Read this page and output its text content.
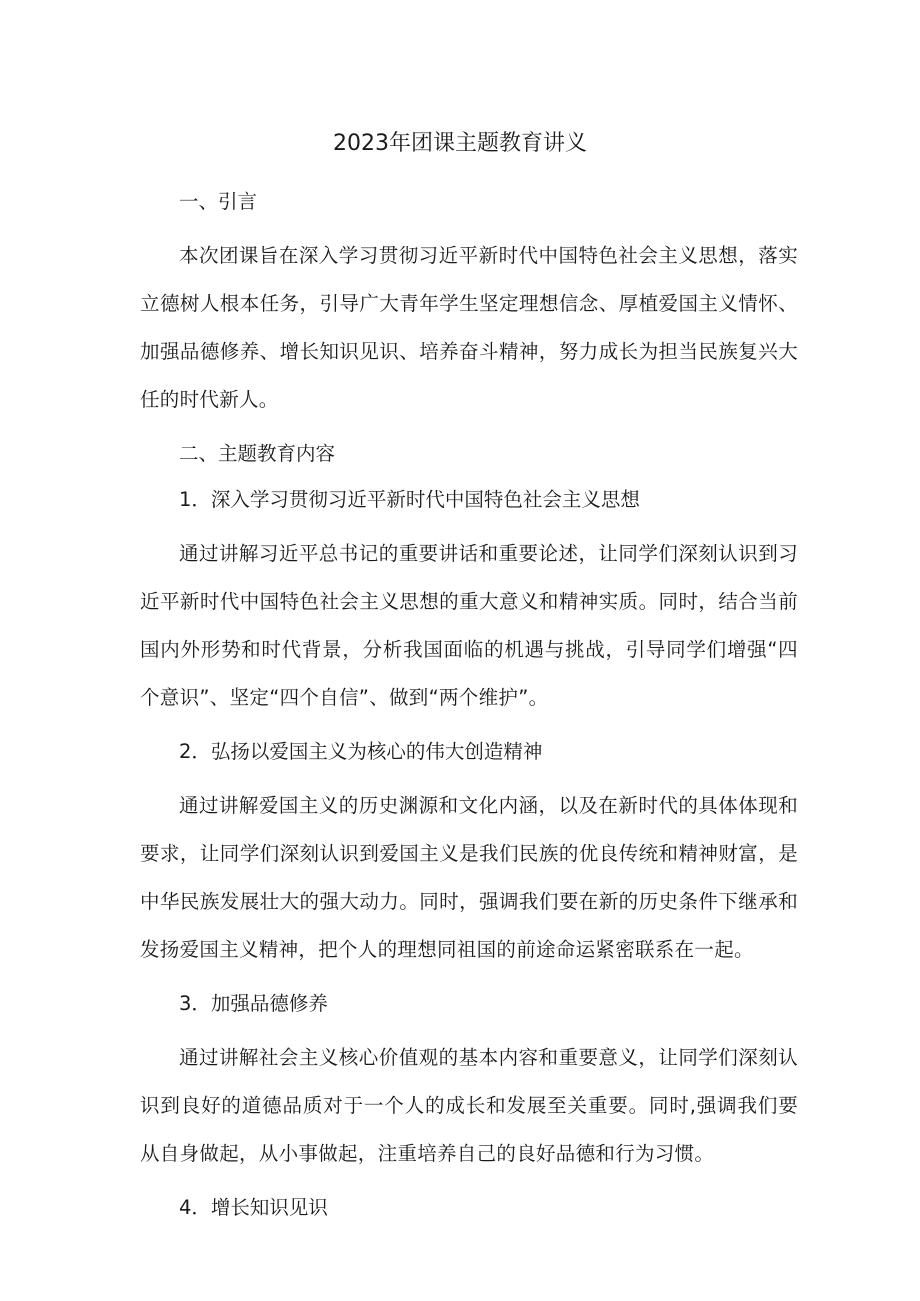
2023年团课主题教育讲义

一、引言

本次团课旨在深入学习贯彻习近平新时代中国特色社会主义思想，落实立德树人根本任务，引导广大青年学生坚定理想信念、厚植爱国主义情怀、加强品德修养、增长知识见识、培养奋斗精神，努力成长为担当民族复兴大任的时代新人。

二、主题教育内容

1．深入学习贯彻习近平新时代中国特色社会主义思想

通过讲解习近平总书记的重要讲话和重要论述，让同学们深刻认识到习近平新时代中国特色社会主义思想的重大意义和精神实质。同时，结合当前国内外形势和时代背景，分析我国面临的机遇与挑战，引导同学们增强“四个意识”、坚定“四个自信”、做到“两个维护”。

2．弘扬以爱国主义为核心的伟大创造精神

通过讲解爱国主义的历史渊源和文化内涵，以及在新时代的具体体现和要求，让同学们深刻认识到爱国主义是我们民族的优良传统和精神财富，是中华民族发展壮大的强大动力。同时，强调我们要在新的历史条件下继承和发扬爱国主义精神，把个人的理想同祖国的前途命运紧密联系在一起。

3．加强品德修养

通过讲解社会主义核心价值观的基本内容和重要意义，让同学们深刻认识到良好的道德品质对于一个人的成长和发展至关重要。同时,强调我们要从自身做起，从小事做起，注重培养自己的良好品德和行为习惯。

4．增长知识见识
